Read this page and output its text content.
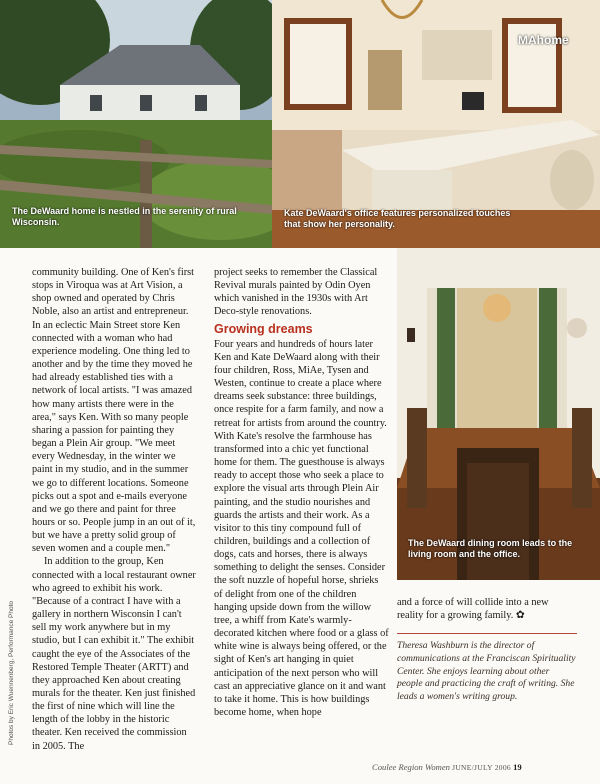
The DeWaard home is nestled in the serenity of rural Wisconsin.
MAhome
Kate DeWaard's office features personalized touches that show her personality.
The DeWaard dining room leads to the living room and the office.

community building. One of Ken's first stops in Viroqua was at Art Vision, a shop owned and operated by Chris Noble, also an artist and entrepreneur. In an eclectic Main Street store Ken connected with a woman who had experience modeling. One thing led to another and by the time they moved he had already established ties with a network of local artists. "I was amazed how many artists there were in the area," says Ken. With so many people sharing a passion for painting they began a Plein Air group. "We meet every Wednesday, in the winter we paint in my studio, and in the summer we go to different locations. Someone picks out a spot and e-mails everyone and we go there and paint for three hours or so. People jump in an out of it, but we have a pretty solid group of seven women and a couple men."

In addition to the group, Ken connected with a local restaurant owner who agreed to exhibit his work. "Because of a contract I have with a gallery in northern Wisconsin I can't sell my work anywhere but in my studio, but I can exhibit it." The exhibit caught the eye of the Associates of the Restored Temple Theater (ARTT) and they approached Ken about creating murals for the theater. Ken just finished the first of nine which will line the length of the lobby in the historic theater. Ken received the commission in 2005. The

project seeks to remember the Classical Revival murals painted by Odin Oyen which vanished in the 1930s with Art Deco-style renovations.

Growing dreams

Four years and hundreds of hours later Ken and Kate DeWaard along with their four children, Ross, MiAe, Tysen and Westen, continue to create a place where dreams seek substance: three buildings, once respite for a farm family, and now a retreat for artists from around the country. With Kate's resolve the farmhouse has transformed into a chic yet functional home for them. The guesthouse is always ready to accept those who seek a place to explore the visual arts through Plein Air painting, and the studio nourishes and guards the artists and their work. As a visitor to this tiny compound full of children, buildings and a collection of dogs, cats and horses, there is always something to delight the senses. Consider the soft nuzzle of hopeful horse, shrieks of delight from one of the children hanging upside down from the willow tree, a whiff from Kate's warmly-decorated kitchen where food or a glass of white wine is always being offered, or the sight of Ken's art hanging in quiet anticipation of the next person who will cast an appreciative glance on it and want to take it home. This is how buildings become home, when hope

and a force of will collide into a new reality for a growing family. ✿

Theresa Washburn is the director of communications at the Franciscan Spirituality Center. She enjoys learning about other people and practicing the craft of writing. She leads a women's writing group.
Photos by Eric Wuennenberg, Performance Photo
Coulee Region Women JUNE/JULY 2006 19
